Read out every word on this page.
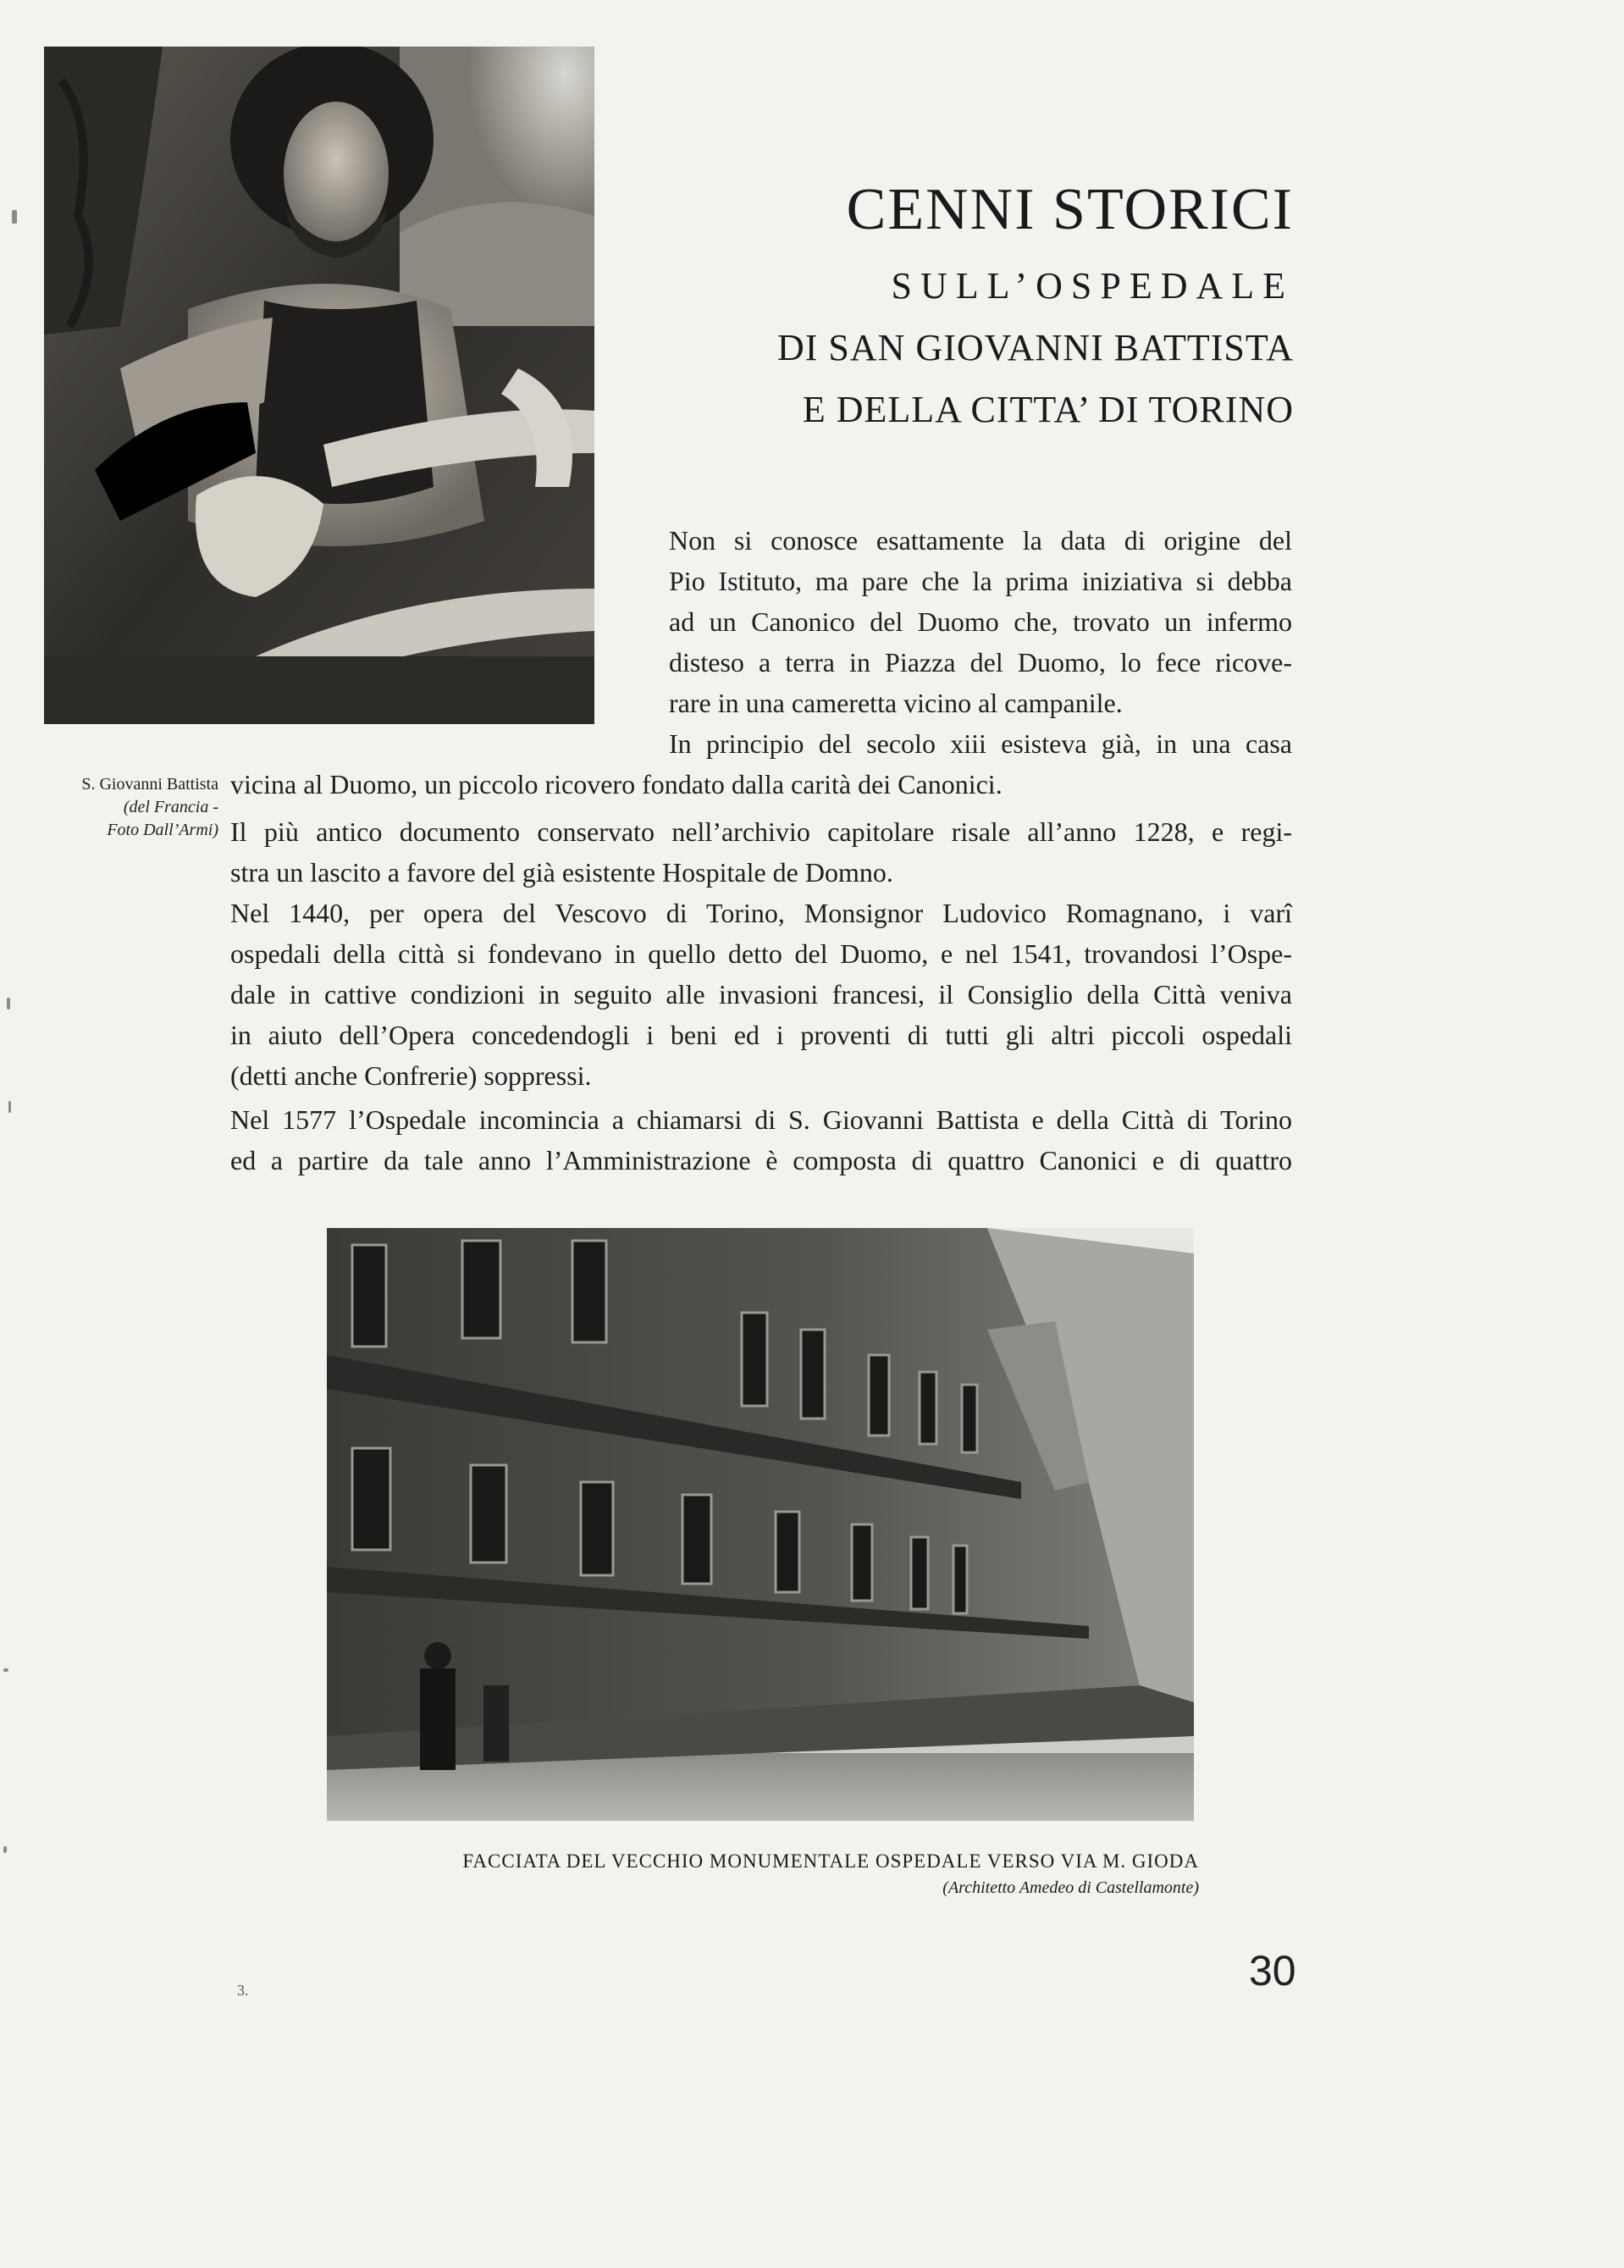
CENNI STORICI
SULL’OSPEDALE
DI SAN GIOVANNI BATTISTA
E DELLA CITTA’ DI TORINO
S. Giovanni Battista
(del Francia -
Foto Dall’Armi)
Non si conosce esattamente la data di origine del
Pio Istituto, ma pare che la prima iniziativa si debba
ad un Canonico del Duomo che, trovato un infermo
disteso a terra in Piazza del Duomo, lo fece ricove-
rare in una cameretta vicino al campanile.
In principio del secolo xiii esisteva già, in una casa
vicina al Duomo, un piccolo ricovero fondato dalla carità dei Canonici.
Il più antico documento conservato nell’archivio capitolare risale all’anno 1228, e regi-
stra un lascito a favore del già esistente Hospitale de Domno.
Nel 1440, per opera del Vescovo di Torino, Monsignor Ludovico Romagnano, i varî
ospedali della città si fondevano in quello detto del Duomo, e nel 1541, trovandosi l’Ospe-
dale in cattive condizioni in seguito alle invasioni francesi, il Consiglio della Città veniva
in aiuto dell’Opera concedendogli i beni ed i proventi di tutti gli altri piccoli ospedali
(detti anche Confrerie) soppressi.
Nel 1577 l’Ospedale incomincia a chiamarsi di S. Giovanni Battista e della Città di Torino
ed a partire da tale anno l’Amministrazione è composta di quattro Canonici e di quattro

FACCIATA DEL VECCHIO MONUMENTALE OSPEDALE VERSO VIA M. GIODA

(Architetto Amedeo di Castellamonte)

30
3.
